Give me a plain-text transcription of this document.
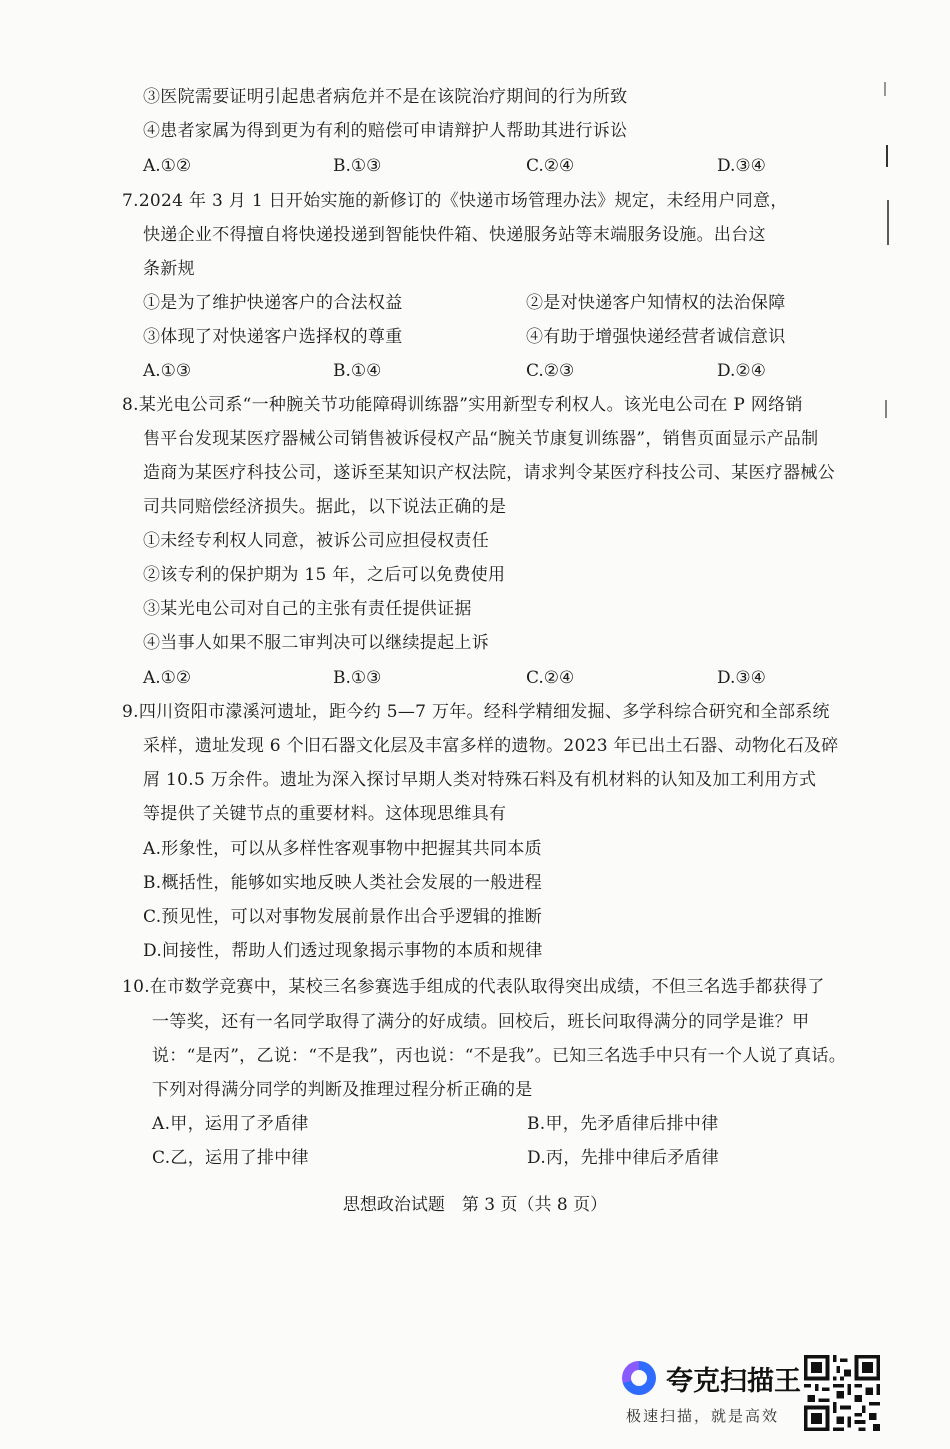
③医院需要证明引起患者病危并不是在该院治疗期间的行为所致
④患者家属为得到更为有利的赔偿可申请辩护人帮助其进行诉讼
A.①②	B.①③	C.②④	D.③④
7.2024 年 3 月 1 日开始实施的新修订的《快递市场管理办法》规定，未经用户同意，
快递企业不得擅自将快递投递到智能快件箱、快递服务站等末端服务设施。出台这
条新规
①是为了维护快递客户的合法权益	②是对快递客户知情权的法治保障
③体现了对快递客户选择权的尊重	④有助于增强快递经营者诚信意识
A.①③	B.①④	C.②③	D.②④
8.某光电公司系“一种腕关节功能障碍训练器”实用新型专利权人。该光电公司在 P 网络销
售平台发现某医疗器械公司销售被诉侵权产品“腕关节康复训练器”，销售页面显示产品制
造商为某医疗科技公司，遂诉至某知识产权法院，请求判令某医疗科技公司、某医疗器械公
司共同赔偿经济损失。据此，以下说法正确的是
①未经专利权人同意，被诉公司应担侵权责任
②该专利的保护期为 15 年，之后可以免费使用
③某光电公司对自己的主张有责任提供证据
④当事人如果不服二审判决可以继续提起上诉
A.①②	B.①③	C.②④	D.③④
9.四川资阳市濛溪河遗址，距今约 5—7 万年。经科学精细发掘、多学科综合研究和全部系统
采样，遗址发现 6 个旧石器文化层及丰富多样的遗物。2023 年已出土石器、动物化石及碎
屑 10.5 万余件。遗址为深入探讨早期人类对特殊石料及有机材料的认知及加工利用方式
等提供了关键节点的重要材料。这体现思维具有
A.形象性，可以从多样性客观事物中把握其共同本质
B.概括性，能够如实地反映人类社会发展的一般进程
C.预见性，可以对事物发展前景作出合乎逻辑的推断
D.间接性，帮助人们透过现象揭示事物的本质和规律
10.在市数学竞赛中，某校三名参赛选手组成的代表队取得突出成绩，不但三名选手都获得了
一等奖，还有一名同学取得了满分的好成绩。回校后，班长问取得满分的同学是谁？甲
说：“是丙”，乙说：“不是我”，丙也说：“不是我”。已知三名选手中只有一个人说了真话。
下列对得满分同学的判断及推理过程分析正确的是
A.甲，运用了矛盾律	B.甲，先矛盾律后排中律
C.乙，运用了排中律	D.丙，先排中律后矛盾律
思想政治试题　第 3 页（共 8 页）
夸克扫描王
极速扫描，就是高效
